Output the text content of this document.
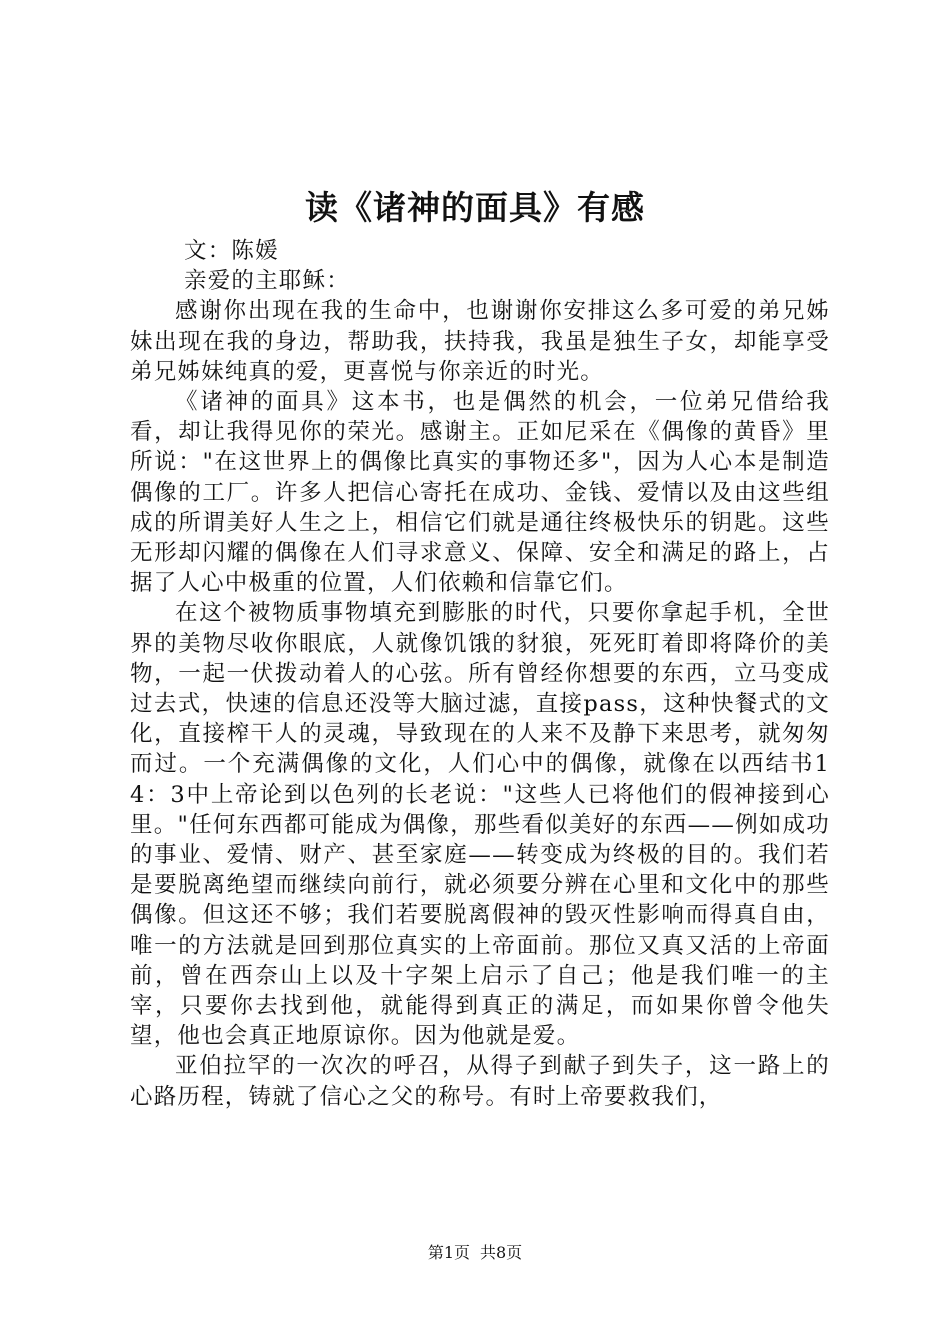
读《诸神的面具》有感

文：陈媛

亲爱的主耶稣：

感谢你出现在我的生命中，也谢谢你安排这么多可爱的弟兄姊妹出现在我的身边，帮助我，扶持我，我虽是独生子女，却能享受弟兄姊妹纯真的爱，更喜悦与你亲近的时光。

《诸神的面具》这本书，也是偶然的机会，一位弟兄借给我看，却让我得见你的荣光。感谢主。正如尼采在《偶像的黄昏》里所说："在这世界上的偶像比真实的事物还多"，因为人心本是制造偶像的工厂。许多人把信心寄托在成功、金钱、爱情以及由这些组成的所谓美好人生之上，相信它们就是通往终极快乐的钥匙。这些无形却闪耀的偶像在人们寻求意义、保障、安全和满足的路上，占据了人心中极重的位置，人们依赖和信靠它们。

在这个被物质事物填充到膨胀的时代，只要你拿起手机，全世界的美物尽收你眼底，人就像饥饿的豺狼，死死盯着即将降价的美物，一起一伏拨动着人的心弦。所有曾经你想要的东西，立马变成过去式，快速的信息还没等大脑过滤，直接pass，这种快餐式的文化，直接榨干人的灵魂，导致现在的人来不及静下来思考，就匆匆而过。一个充满偶像的文化，人们心中的偶像，就像在以西结书14：3中上帝论到以色列的长老说："这些人已将他们的假神接到心里。"任何东西都可能成为偶像，那些看似美好的东西——例如成功的事业、爱情、财产、甚至家庭——转变成为终极的目的。我们若是要脱离绝望而继续向前行，就必须要分辨在心里和文化中的那些偶像。但这还不够；我们若要脱离假神的毁灭性影响而得真自由，唯一的方法就是回到那位真实的上帝面前。那位又真又活的上帝面前，曾在西奈山上以及十字架上启示了自己；他是我们唯一的主宰，只要你去找到他，就能得到真正的满足，而如果你曾令他失望，他也会真正地原谅你。因为他就是爱。

亚伯拉罕的一次次的呼召，从得子到献子到失子，这一路上的心路历程，铸就了信心之父的称号。有时上帝要救我们，

第1页 共8页
